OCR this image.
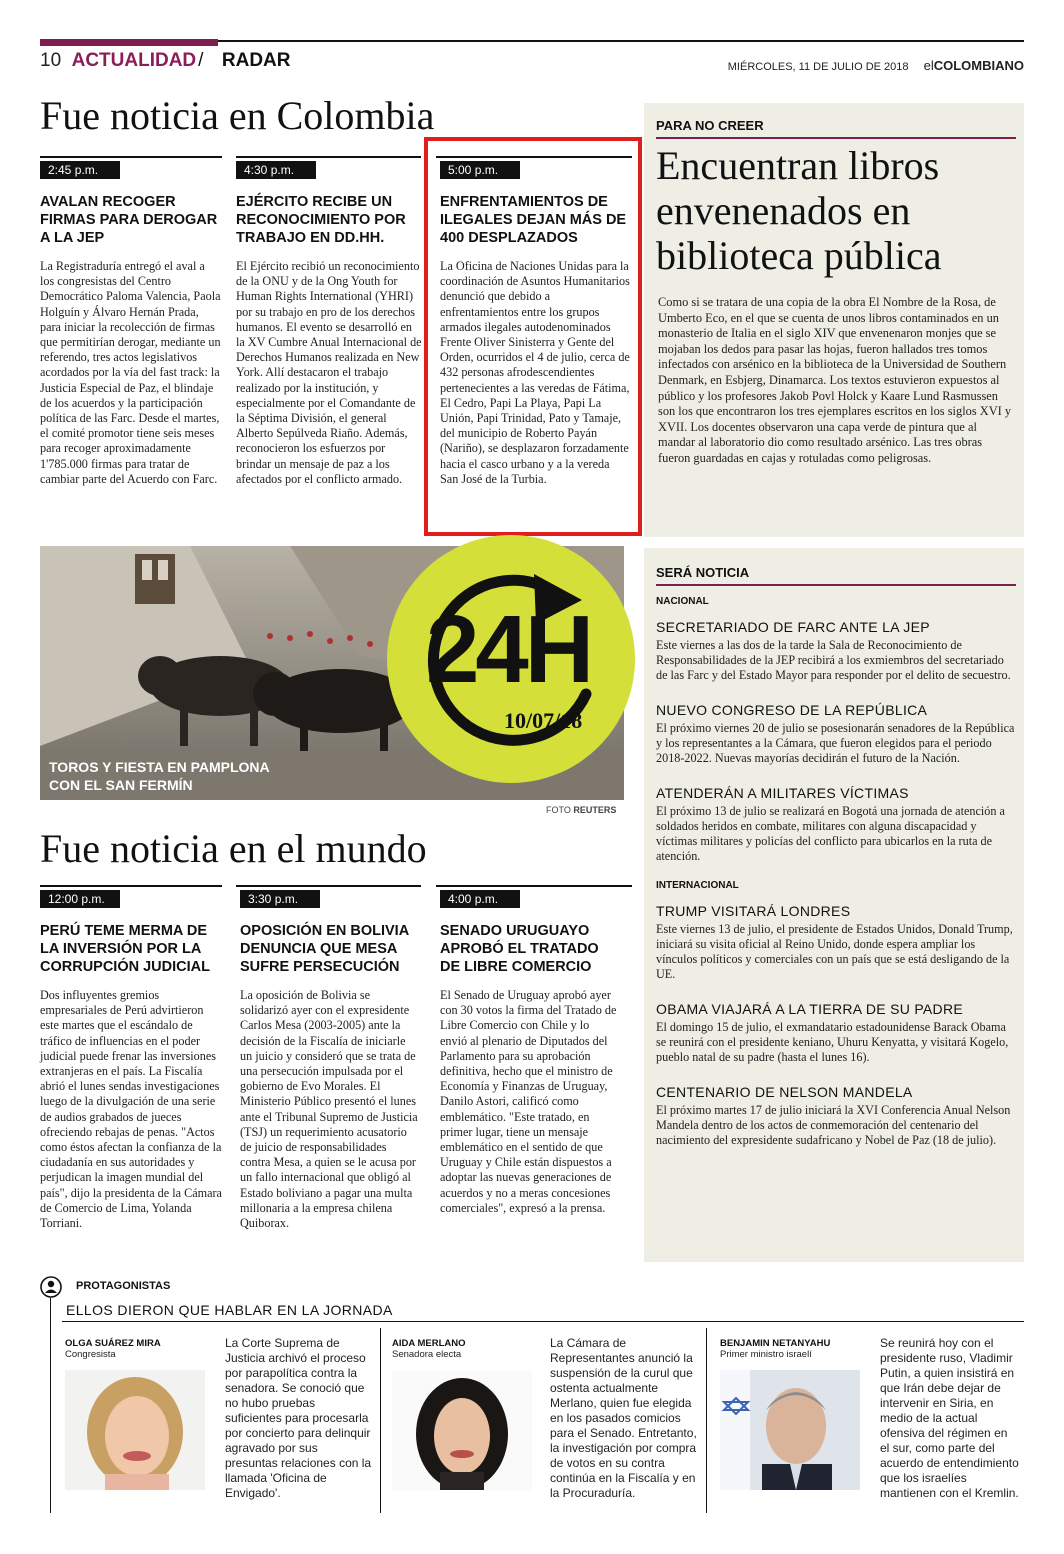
10 ACTUALIDAD / RADAR	MIÉRCOLES, 11 DE JULIO DE 2018 elCOLOMBIANO
Fue noticia en Colombia
2:45 p.m.
AVALAN RECOGER FIRMAS PARA DEROGAR A LA JEP
La Registraduría entregó el aval a los congresistas del Centro Democrático Paloma Valencia, Paola Holguín y Álvaro Hernán Prada, para iniciar la recolección de firmas que permitirían derogar, mediante un referendo, tres actos legislativos acordados por la vía del fast track: la Justicia Especial de Paz, el blindaje de los acuerdos y la participación política de las Farc. Desde el martes, el comité promotor tiene seis meses para recoger aproximadamente 1'785.000 firmas para tratar de cambiar parte del Acuerdo con Farc.
4:30 p.m.
EJÉRCITO RECIBE UN RECONOCIMIENTO POR TRABAJO EN DD.HH.
El Ejército recibió un reconocimiento de la ONU y de la Ong Youth for Human Rights International (YHRI) por su trabajo en pro de los derechos humanos. El evento se desarrolló en la XV Cumbre Anual Internacional de Derechos Humanos realizada en New York. Allí destacaron el trabajo realizado por la institución, y especialmente por el Comandante de la Séptima División, el general Alberto Sepúlveda Riaño. Además, reconocieron los esfuerzos por brindar un mensaje de paz a los afectados por el conflicto armado.
5:00 p.m.
ENFRENTAMIENTOS DE ILEGALES DEJAN MÁS DE 400 DESPLAZADOS
La Oficina de Naciones Unidas para la coordinación de Asuntos Humanitarios denunció que debido a enfrentamientos entre los grupos armados ilegales autodenominados Frente Oliver Sinisterra y Gente del Orden, ocurridos el 4 de julio, cerca de 432 personas afrodescendientes pertenecientes a las veredas de Fátima, El Cedro, Papi La Playa, Papi La Unión, Papi Trinidad, Pato y Tamaje, del municipio de Roberto Payán (Nariño), se desplazaron forzadamente hacia el casco urbano y a la vereda San José de la Turbia.
PARA NO CREER
Encuentran libros envenenados en biblioteca pública
Como si se tratara de una copia de la obra El Nombre de la Rosa, de Umberto Eco, en el que se cuenta de unos libros contaminados en un monasterio de Italia en el siglo XIV que envenenaron monjes que se mojaban los dedos para pasar las hojas, fueron hallados tres tomos infectados con arsénico en la biblioteca de la Universidad de Southern Denmark, en Esbjerg, Dinamarca. Los textos estuvieron expuestos al público y los profesores Jakob Povl Holck y Kaare Lund Rasmussen son los que encontraron los tres ejemplares escritos en los siglos XVI y XVII. Los docentes observaron una capa verde de pintura que al mandar al laboratorio dio como resultado arsénico. Las tres obras fueron guardadas en cajas y rotuladas como peligrosas.
TOROS Y FIESTA EN PAMPLONA
CON EL SAN FERMÍN
24H
10/07/18
FOTO REUTERS
SERÁ NOTICIA
NACIONAL
SECRETARIADO DE FARC ANTE LA JEP
Este viernes a las dos de la tarde la Sala de Reconocimiento de Responsabilidades de la JEP recibirá a los exmiembros del secretariado de las Farc y del Estado Mayor para responder por el delito de secuestro.
NUEVO CONGRESO DE LA REPÚBLICA
El próximo viernes 20 de julio se posesionarán senadores de la República y los representantes a la Cámara, que fueron elegidos para el periodo 2018-2022. Nuevas mayorías decidirán el futuro de la Nación.
ATENDERÁN A MILITARES VÍCTIMAS
El próximo 13 de julio se realizará en Bogotá una jornada de atención a soldados heridos en combate, militares con alguna discapacidad y víctimas militares y policías del conflicto para ubicarlos en la ruta de atención.
INTERNACIONAL
TRUMP VISITARÁ LONDRES
Este viernes 13 de julio, el presidente de Estados Unidos, Donald Trump, iniciará su visita oficial al Reino Unido, donde espera ampliar los vínculos políticos y comerciales con un país que se está desligando de la UE.
OBAMA VIAJARÁ A LA TIERRA DE SU PADRE
El domingo 15 de julio, el exmandatario estadounidense Barack Obama se reunirá con el presidente keniano, Uhuru Kenyatta, y visitará Kogelo, pueblo natal de su padre (hasta el lunes 16).
CENTENARIO DE NELSON MANDELA
El próximo martes 17 de julio iniciará la XVI Conferencia Anual Nelson Mandela dentro de los actos de conmemoración del centenario del nacimiento del expresidente sudafricano y Nobel de Paz (18 de julio).
Fue noticia en el mundo
12:00 p.m.
PERÚ TEME MERMA DE LA INVERSIÓN POR LA CORRUPCIÓN JUDICIAL
Dos influyentes gremios empresariales de Perú advirtieron este martes que el escándalo de tráfico de influencias en el poder judicial puede frenar las inversiones extranjeras en el país. La Fiscalía abrió el lunes sendas investigaciones luego de la divulgación de una serie de audios grabados de jueces ofreciendo rebajas de penas. "Actos como éstos afectan la confianza de la ciudadanía en sus autoridades y perjudican la imagen mundial del país", dijo la presidenta de la Cámara de Comercio de Lima, Yolanda Torriani.
3:30 p.m.
OPOSICIÓN EN BOLIVIA DENUNCIA QUE MESA SUFRE PERSECUCIÓN
La oposición de Bolivia se solidarizó ayer con el expresidente Carlos Mesa (2003-2005) ante la decisión de la Fiscalía de iniciarle un juicio y consideró que se trata de una persecución impulsada por el gobierno de Evo Morales. El Ministerio Público presentó el lunes ante el Tribunal Supremo de Justicia (TSJ) un requerimiento acusatorio de juicio de responsabilidades contra Mesa, a quien se le acusa por un fallo internacional que obligó al Estado boliviano a pagar una multa millonaria a la empresa chilena Quiborax.
4:00 p.m.
SENADO URUGUAYO APROBÓ EL TRATADO DE LIBRE COMERCIO
El Senado de Uruguay aprobó ayer con 30 votos la firma del Tratado de Libre Comercio con Chile y lo envió al plenario de Diputados del Parlamento para su aprobación definitiva, hecho que el ministro de Economía y Finanzas de Uruguay, Danilo Astori, calificó como emblemático. "Este tratado, en primer lugar, tiene un mensaje emblemático en el sentido de que Uruguay y Chile están dispuestos a adoptar las nuevas generaciones de acuerdos y no a meras concesiones comerciales", expresó a la prensa.
PROTAGONISTAS
ELLOS DIERON QUE HABLAR EN LA JORNADA
OLGA SUÁREZ MIRA
Congresista
La Corte Suprema de Justicia archivó el proceso por parapolítica contra la senadora. Se conoció que no hubo pruebas suficientes para procesarla por concierto para delinquir agravado por sus presuntas relaciones con la llamada 'Oficina de Envigado'.
AIDA MERLANO
Senadora electa
La Cámara de Representantes anunció la suspensión de la curul que ostenta actualmente Merlano, quien fue elegida en los pasados comicios para el Senado. Entretanto, la investigación por compra de votos en su contra continúa en la Fiscalía y en la Procuraduría.
BENJAMIN NETANYAHU
Primer ministro israelí
Se reunirá hoy con el presidente ruso, Vladimir Putin, a quien insistirá en que Irán debe dejar de intervenir en Siria, en medio de la actual ofensiva del régimen en el sur, como parte del acuerdo de entendimiento que los israelíes mantienen con el Kremlin.
